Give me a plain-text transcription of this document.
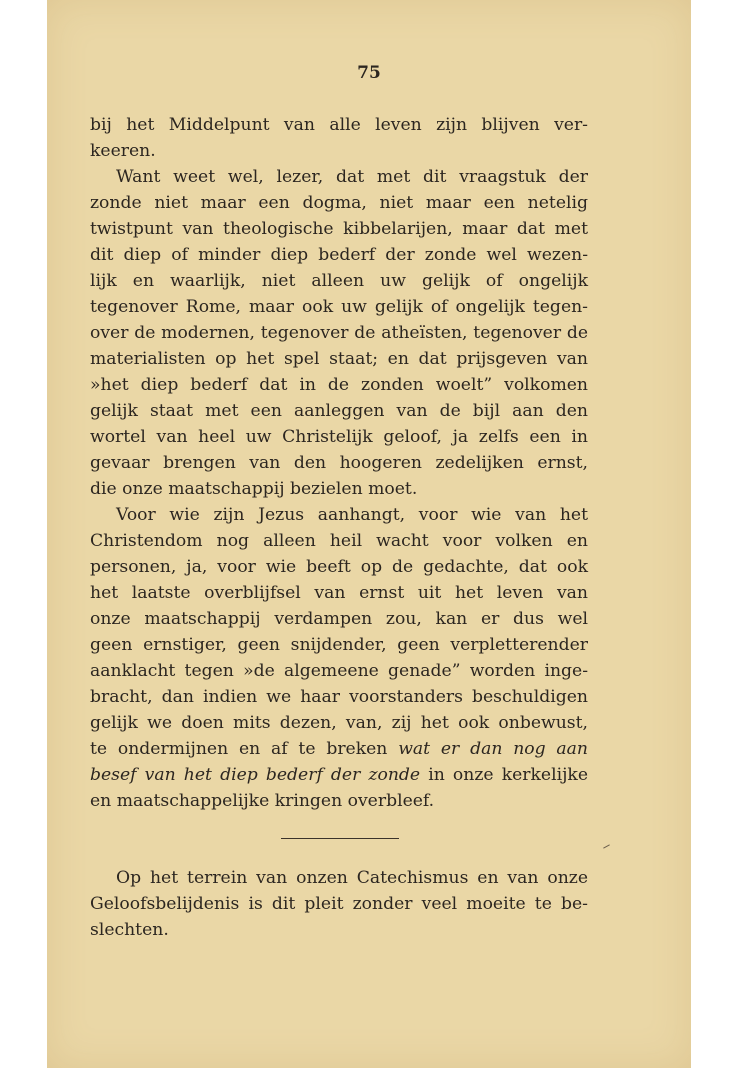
75
bij het Middelpunt van alle leven zijn blijven ver-
keeren.
Want weet wel, lezer, dat met dit vraagstuk der
zonde niet maar een dogma, niet maar een netelig
twistpunt van theologische kibbelarijen, maar dat met
dit diep of minder diep bederf der zonde wel wezen-
lijk en waarlijk, niet alleen uw gelijk of ongelijk
tegenover Rome, maar ook uw gelijk of ongelijk tegen-
over de modernen, tegenover de atheïsten, tegenover de
materialisten op het spel staat; en dat prijsgeven van
»het diep bederf dat in de zonden woelt” volkomen
gelijk staat met een aanleggen van de bijl aan den
wortel van heel uw Christelijk geloof, ja zelfs een in
gevaar brengen van den hoogeren zedelijken ernst,
die onze maatschappij bezielen moet.
Voor wie zijn Jezus aanhangt, voor wie van het
Christendom nog alleen heil wacht voor volken en
personen, ja, voor wie beeft op de gedachte, dat ook
het laatste overblijfsel van ernst uit het leven van
onze maatschappij verdampen zou, kan er dus wel
geen ernstiger, geen snijdender, geen verpletterender
aanklacht tegen »de algemeene genade” worden inge-
bracht, dan indien we haar voorstanders beschuldigen
gelijk we doen mits dezen, van, zij het ook onbewust,
te ondermijnen en af te breken wat er dan nog aan
besef van het diep bederf der zonde in onze kerkelijke
en maatschappelijke kringen overbleef.
Op het terrein van onzen Catechismus en van onze
Geloofsbelijdenis is dit pleit zonder veel moeite te be-
slechten.
